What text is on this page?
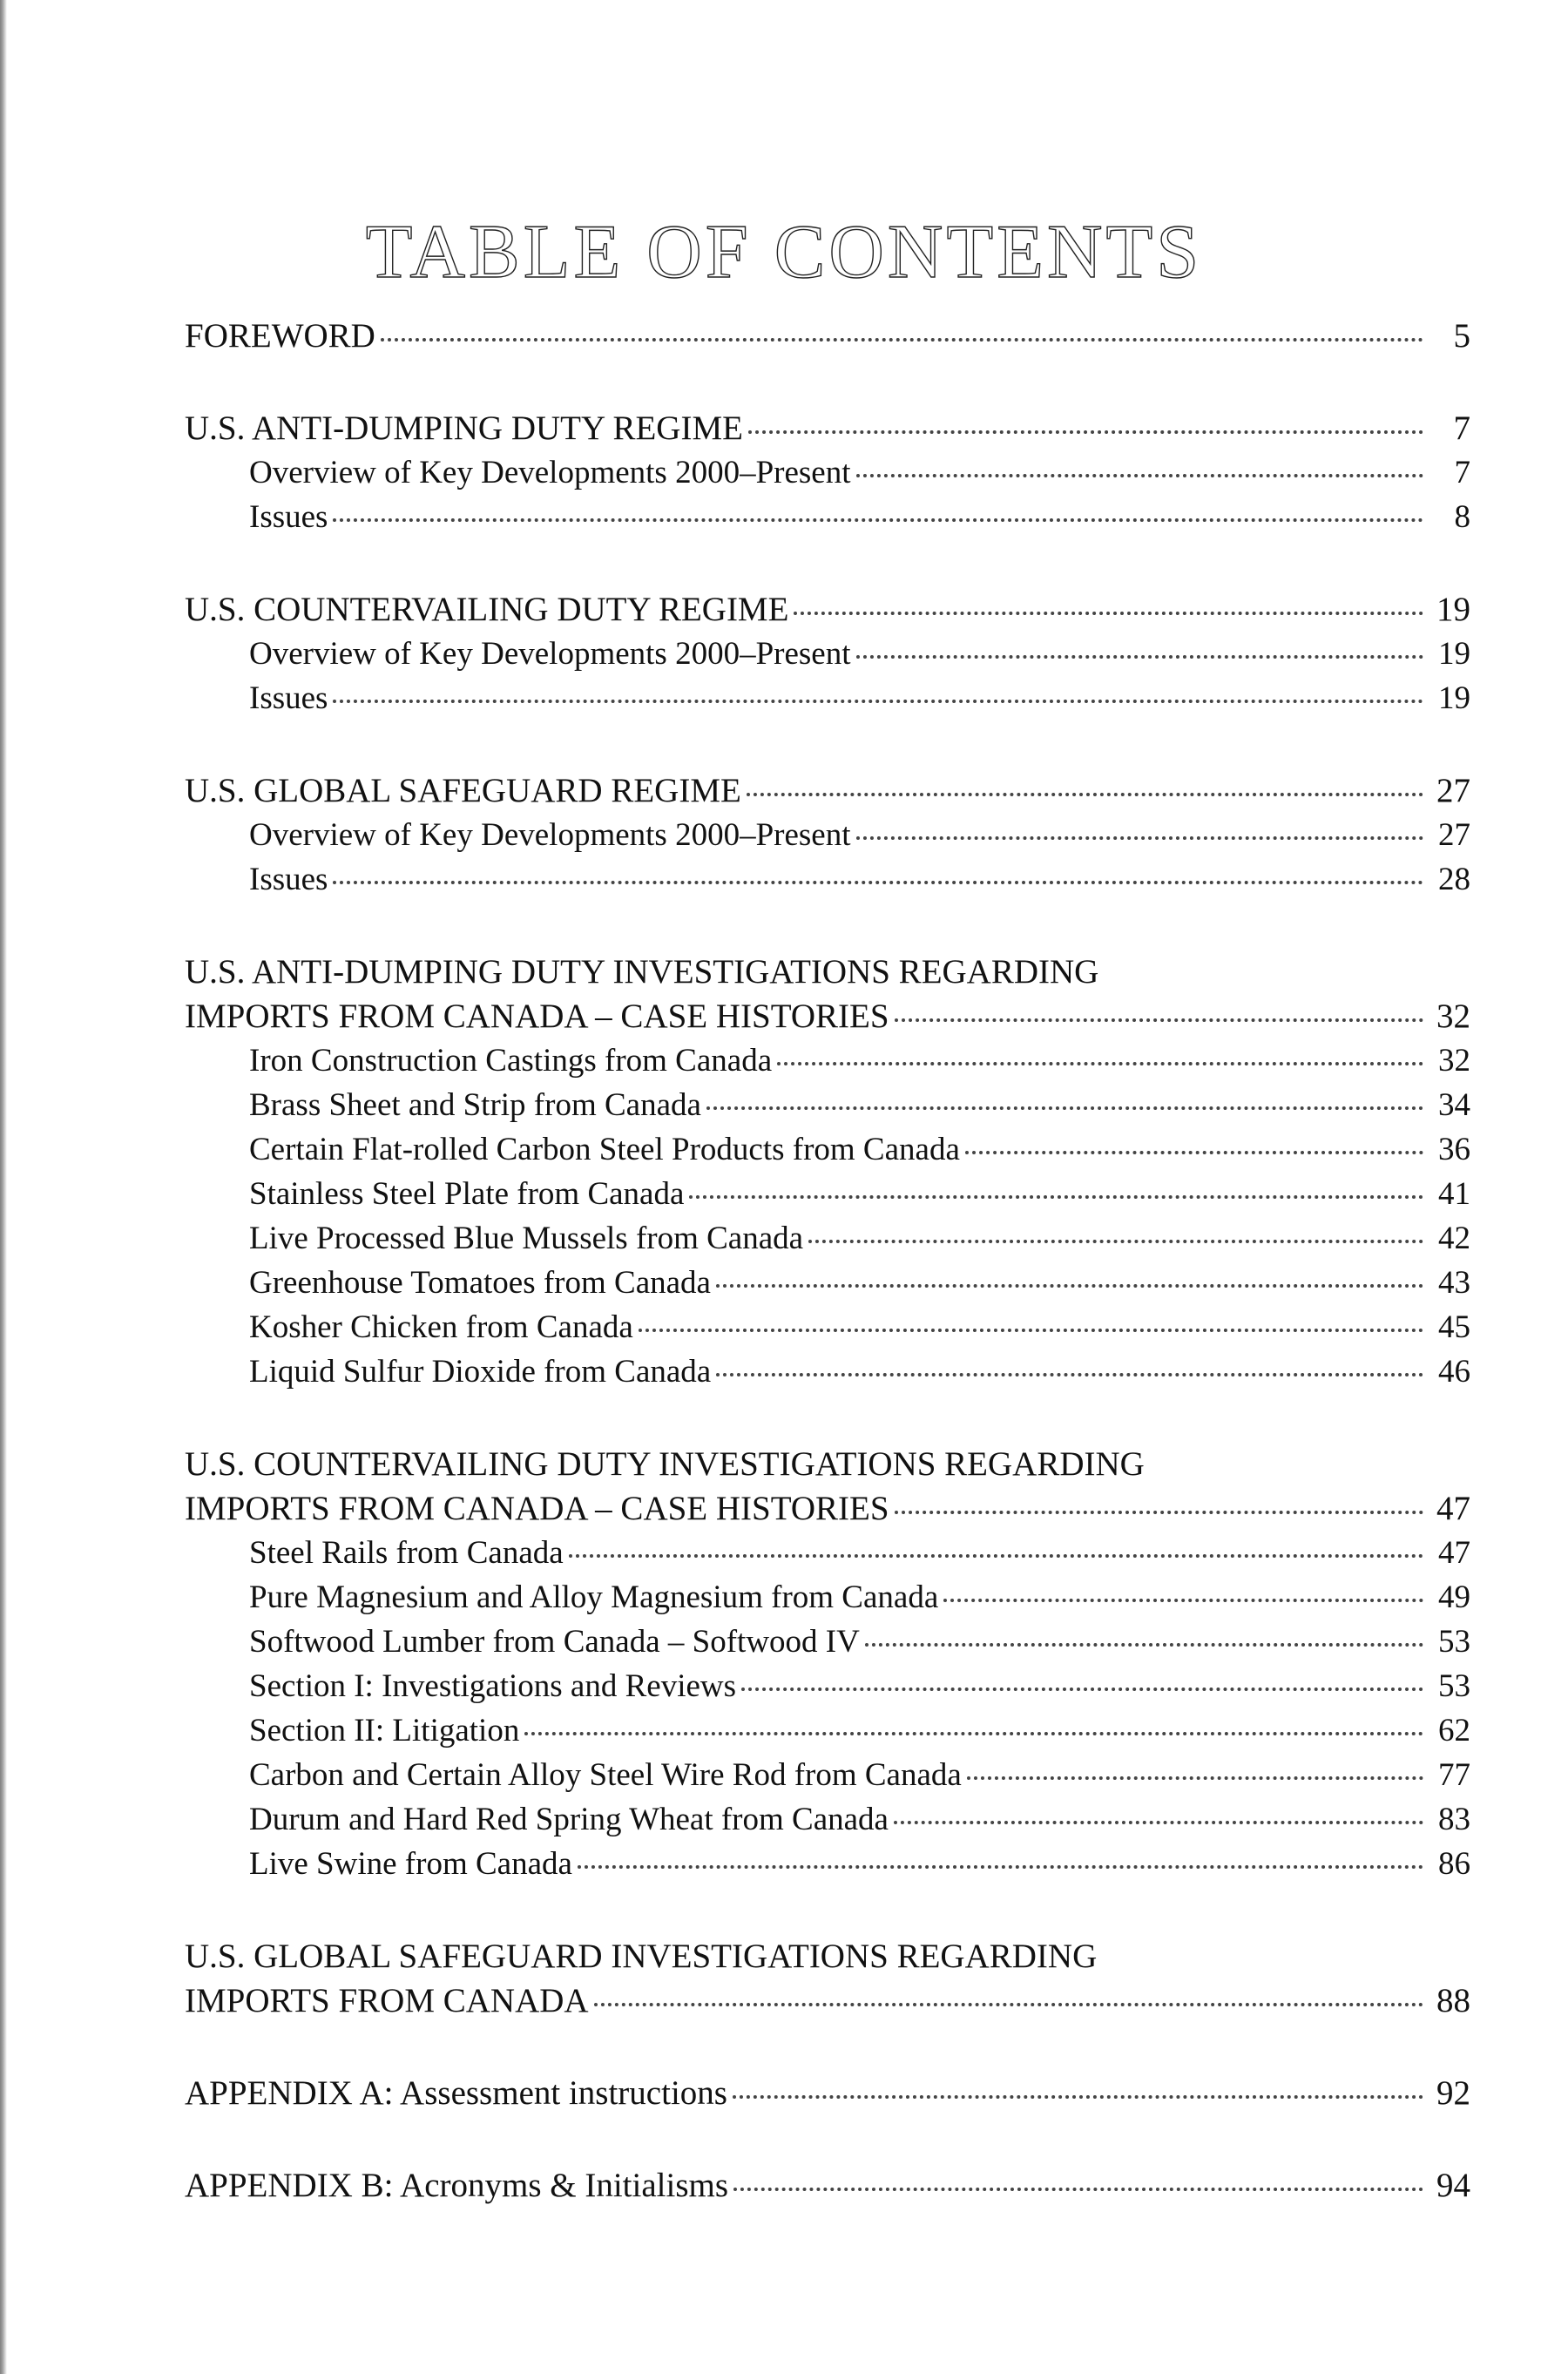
TABLE OF CONTENTS
FOREWORD	5
U.S. ANTI-DUMPING DUTY REGIME	7
Overview of Key Developments 2000–Present	7
Issues	8
U.S. COUNTERVAILING DUTY REGIME	19
Overview of Key Developments 2000–Present	19
Issues	19
U.S. GLOBAL SAFEGUARD REGIME	27
Overview of Key Developments 2000–Present	27
Issues	28
U.S. ANTI-DUMPING DUTY INVESTIGATIONS REGARDING
IMPORTS FROM CANADA – CASE HISTORIES	32
Iron Construction Castings from Canada	32
Brass Sheet and Strip from Canada	34
Certain Flat-rolled Carbon Steel Products from Canada	36
Stainless Steel Plate from Canada	41
Live Processed Blue Mussels from Canada	42
Greenhouse Tomatoes from Canada	43
Kosher Chicken from Canada	45
Liquid Sulfur Dioxide from Canada	46
U.S. COUNTERVAILING DUTY INVESTIGATIONS REGARDING
IMPORTS FROM CANADA – CASE HISTORIES	47
Steel Rails from Canada	47
Pure Magnesium and Alloy Magnesium from Canada	49
Softwood Lumber from Canada – Softwood IV	53
Section I: Investigations and Reviews	53
Section II: Litigation	62
Carbon and Certain Alloy Steel Wire Rod from Canada	77
Durum and Hard Red Spring Wheat from Canada	83
Live Swine from Canada	86
U.S. GLOBAL SAFEGUARD INVESTIGATIONS REGARDING
IMPORTS FROM CANADA	88
APPENDIX A: Assessment instructions	92
APPENDIX B: Acronyms & Initialisms	94
